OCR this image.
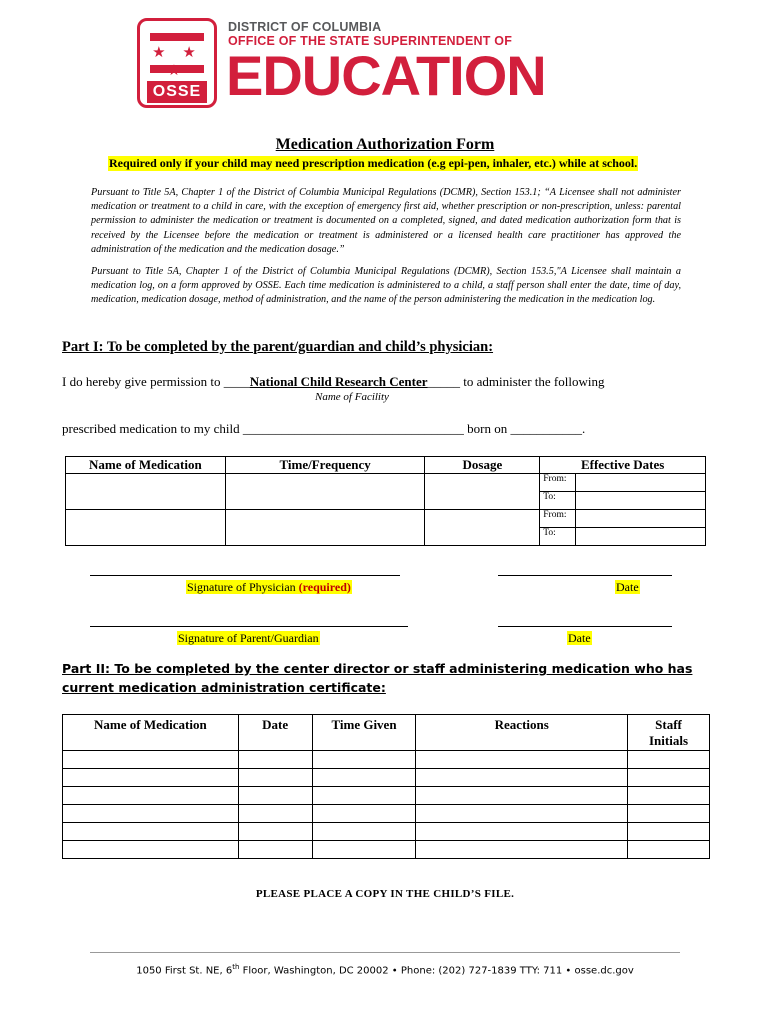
★ ★
OSSE
DISTRICT OF COLUMBIA
OFFICE OF THE STATE SUPERINTENDENT OF
EDUCATION
Medication Authorization Form
Required only if your child may need prescription medication (e.g epi-pen, inhaler, etc.) while at school.
Pursuant to Title 5A, Chapter 1 of the District of Columbia Municipal Regulations (DCMR), Section 153.1; “A Licensee shall not administer medication or treatment to a child in care, with the exception of emergency first aid, whether prescription or non-prescription, unless: parental permission to administer the medication or treatment is documented on a completed, signed, and dated medication authorization form that is received by the Licensee before the medication or treatment is administered or a licensed health care practitioner has approved the administration of the medication and the medication dosage.”
Pursuant to Title 5A, Chapter 1 of the District of Columbia Municipal Regulations (DCMR), Section 153.5,"A Licensee shall maintain a medication log, on a form approved by OSSE. Each time medication is administered to a child, a staff person shall enter the date, time of day, medication, medication dosage, method of administration, and the name of the person administering the medication in the medication log.
Part I: To be completed by the parent/guardian and child’s physician:
I do hereby give permission to ____National Child Research Center_____ to administer the following
Name of Facility
prescribed medication to my child __________________________________ born on ___________.
Name of Medication	Time/Frequency	Dosage	Effective Dates	
			From:	
			To:	
			From:	
			To:	
Signature of Physician (required)	Date
Signature of Parent/Guardian	Date
Part II: To be completed by the center director or staff administering medication who has
current medication administration certificate:
Name of Medication	Date	Time Given	Reactions	Staff Initials

PLEASE PLACE A COPY IN THE CHILD’S FILE.
1050 First St. NE, 6th Floor, Washington, DC 20002 • Phone: (202) 727-1839 TTY: 711 • osse.dc.gov
